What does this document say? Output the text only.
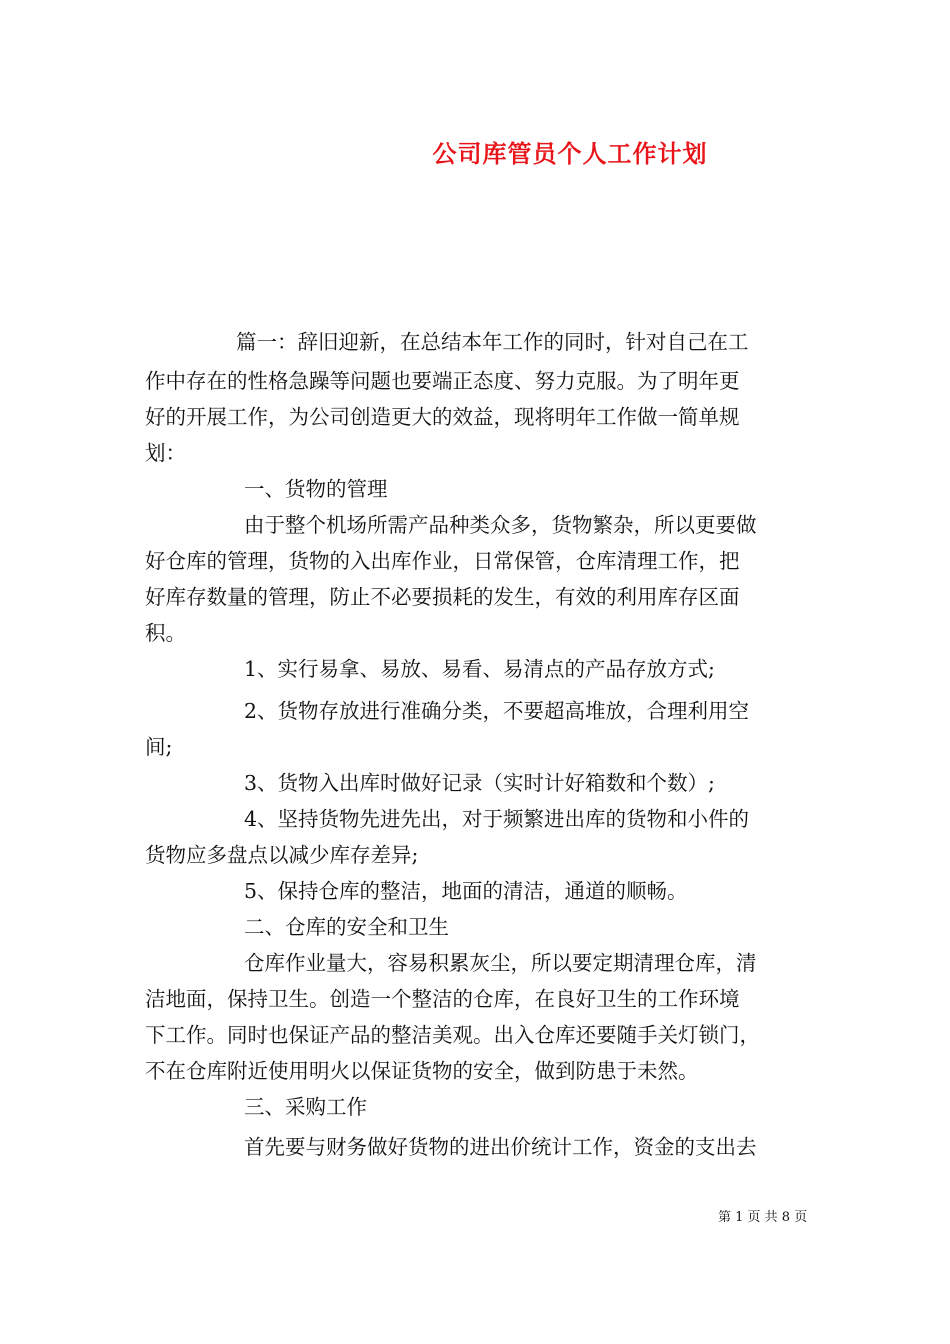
公司库管员个人工作计划

篇一：辞旧迎新，在总结本年工作的同时，针对自己在工

作中存在的性格急躁等问题也要端正态度、努力克服。为了明年更

好的开展工作，为公司创造更大的效益，现将明年工作做一简单规

划：

一、货物的管理

由于整个机场所需产品种类众多，货物繁杂，所以更要做

好仓库的管理，货物的入出库作业，日常保管，仓库清理工作，把

好库存数量的管理，防止不必要损耗的发生，有效的利用库存区面

积。

1、实行易拿、易放、易看、易清点的产品存放方式;

2、货物存放进行准确分类，不要超高堆放，合理利用空

间;

3、货物入出库时做好记录（实时计好箱数和个数）;

4、坚持货物先进先出，对于频繁进出库的货物和小件的

货物应多盘点以减少库存差异;

5、保持仓库的整洁，地面的清洁，通道的顺畅。

二、仓库的安全和卫生

仓库作业量大，容易积累灰尘，所以要定期清理仓库，清

洁地面，保持卫生。创造一个整洁的仓库，在良好卫生的工作环境

下工作。同时也保证产品的整洁美观。出入仓库还要随手关灯锁门，

不在仓库附近使用明火以保证货物的安全，做到防患于未然。

三、采购工作

首先要与财务做好货物的进出价统计工作，资金的支出去

第 1 页 共 8 页
